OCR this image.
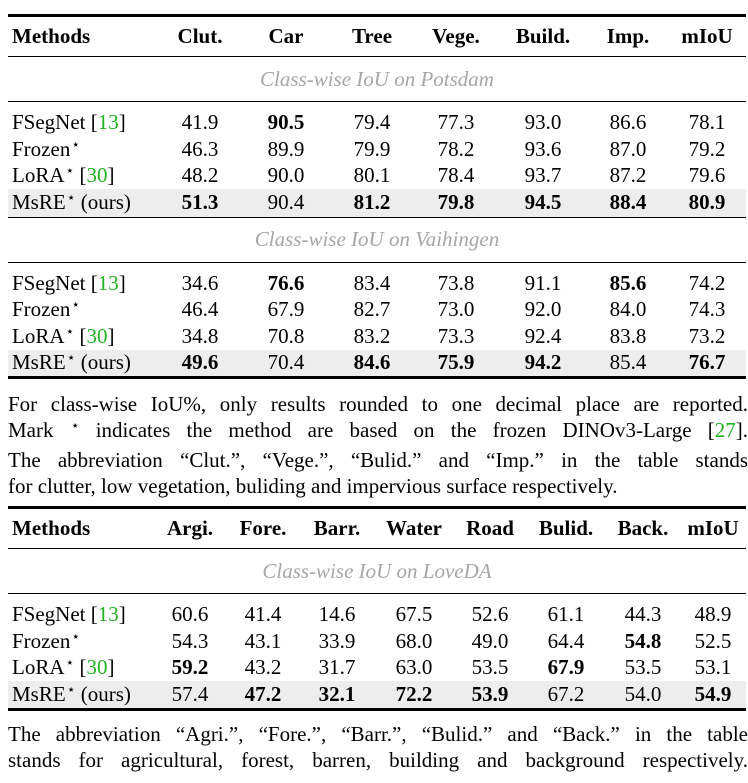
Methods	Clut.	Car	Tree	Vege.	Build.	Imp.	mIoU
Class-wise IoU on Potsdam							

FSegNet [13]	41.9	90.5	79.4	77.3	93.0	86.6	78.1
Frozen⋆	46.3	89.9	79.9	78.2	93.6	87.0	79.2
LoRA⋆ [30]	48.2	90.0	80.1	78.4	93.7	87.2	79.6
MsRE⋆ (ours)	51.3	90.4	81.2	79.8	94.5	88.4	80.9
Class-wise IoU on Vaihingen							

FSegNet [13]	34.6	76.6	83.4	73.8	91.1	85.6	74.2
Frozen⋆	46.4	67.9	82.7	73.0	92.0	84.0	74.3
LoRA⋆ [30]	34.8	70.8	83.2	73.3	92.4	83.8	73.2
MsRE⋆ (ours)	49.6	70.4	84.6	75.9	94.2	85.4	76.7
For class-wise IoU%, only results rounded to one decimal place are reported.
Mark ⋆ indicates the method are based on the frozen DINOv3-Large [27].
The abbreviation “Clut.”, “Vege.”, “Bulid.” and “Imp.” in the table stands
for clutter, low vegetation, buliding and impervious surface respectively.
Methods	Argi.	Fore.	Barr.	Water	Road	Bulid.	Back.	mIoU
Class-wise IoU on LoveDA								

FSegNet [13]	60.6	41.4	14.6	67.5	52.6	61.1	44.3	48.9
Frozen⋆	54.3	43.1	33.9	68.0	49.0	64.4	54.8	52.5
LoRA⋆ [30]	59.2	43.2	31.7	63.0	53.5	67.9	53.5	53.1
MsRE⋆ (ours)	57.4	47.2	32.1	72.2	53.9	67.2	54.0	54.9
The abbreviation “Agri.”, “Fore.”, “Barr.”, “Bulid.” and “Back.” in the table
stands for agricultural, forest, barren, building and background respectively.
